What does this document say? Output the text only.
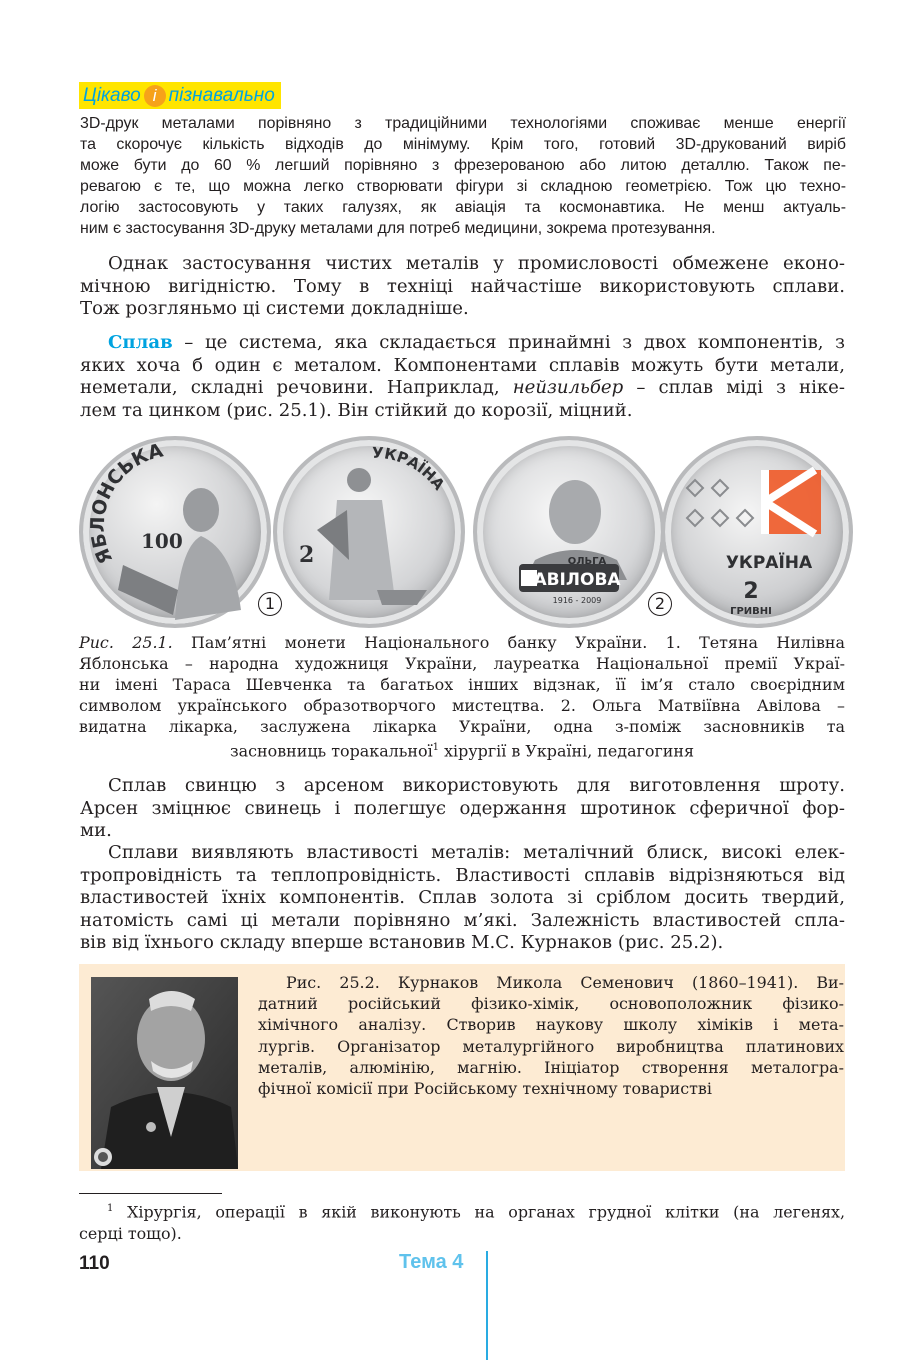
Цікаво і пізнавально
3D-друк металами порівняно з традиційними технологіями споживає менше енергії
та скорочує кількість відходів до мінімуму. Крім того, готовий 3D-друкований виріб
може бути до 60 % легший порівняно з фрезерованою або литою деталлю. Також пе-
ревагою є те, що можна легко створювати фігури зі складною геометрією. Тож цю техно-
логію застосовують у таких галузях, як авіація та космонавтика. Не менш актуаль-
ним є застосування 3D-друку металами для потреб медицини, зокрема протезування.
Однак застосування чистих металів у промисловості обмежене еконо-
мічною вигідністю. Тому в техніці найчастіше використовують сплави.
Тож розгляньмо ці системи докладніше.
Сплав – це система, яка складається принаймні з двох компонентів, з
яких хоча б один є металом. Компонентами сплавів можуть бути метали,
неметали, складні речовини. Наприклад, нейзильбер – сплав міді з ніке-
лем та цинком (рис. 25.1). Він стійкий до корозії, міцний.
ЯБЛОНСЬКА
100
УКРАЇНА
2
1
ОЛЬГА
АВІЛОВА
1916 - 2009	2
УКРАЇНА
2
ГРИВНІ
Рис. 25.1. Пам’ятні монети Національного банку України. 1. Тетяна Нилівна
Яблонська – народна художниця України, лауреатка Національної премії Украї-
ни імені Тараса Шевченка та багатьох інших відзнак, її ім’я стало своєрідним
символом українського образотворчого мистецтва. 2. Ольга Матвіївна Авілова –
видатна лікарка, заслужена лікарка України, одна з-поміж засновників та
засновниць торакальної$^1$ хірургії в Україні, педагогиня
Сплав свинцю з арсеном використовують для виготовлення шроту.
Арсен зміцнює свинець і полегшує одержання шротинок сферичної фор-
ми.
Сплави виявляють властивості металів: металічний блиск, високі елек-
тропровідність та теплопровідність. Властивості сплавів відрізняються від
властивостей їхніх компонентів. Сплав золота зі сріблом досить твердий,
натомість самі ці метали порівняно м’які. Залежність властивостей спла-
вів від їхнього складу вперше встановив М.С. Курнаков (рис. 25.2).
Рис. 25.2. Курнаков Микола Семенович (1860–1941). Ви-
датний російський фізико-хімік, основоположник фізико-
хімічного аналізу. Створив наукову школу хіміків і мета-
лургів. Організатор металургійного виробництва платинових
металів, алюмінію, магнію. Ініціатор створення металогра-
фічної комісії при Російському технічному товаристві
$^1$ Хірургія, операції в якій виконують на органах грудної клітки (на легенях,
серці тощо).
110	Тема 4
